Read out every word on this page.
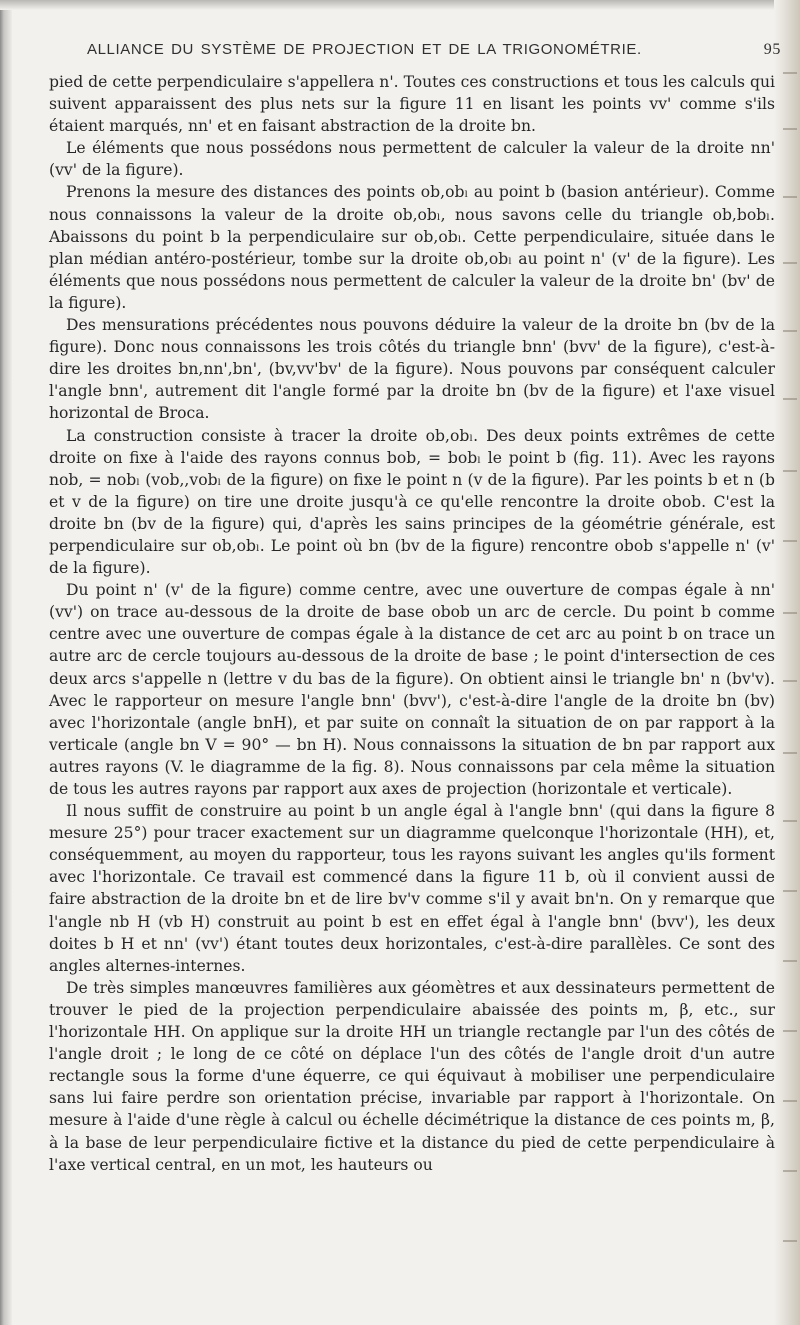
ALLIANCE DU SYSTÈME DE PROJECTION ET DE LA TRIGONOMÉTRIE.	95

pied de cette perpendiculaire s'appellera n'. Toutes ces constructions et tous les calculs qui suivent apparaissent des plus nets sur la figure 11 en lisant les points vv' comme s'ils étaient marqués, nn' et en faisant abstraction de la droite bn.

Le éléments que nous possédons nous permettent de calculer la valeur de la droite nn' (vv' de la figure).

Prenons la mesure des distances des points ob,obₗ au point b (basion antérieur). Comme nous connaissons la valeur de la droite ob,obₗ, nous savons celle du triangle ob,bobₗ. Abaissons du point b la perpendiculaire sur ob,obₗ. Cette perpendiculaire, située dans le plan médian antéro-postérieur, tombe sur la droite ob,obₗ au point n' (v' de la figure). Les éléments que nous possédons nous permettent de calculer la valeur de la droite bn' (bv' de la figure).

Des mensurations précédentes nous pouvons déduire la valeur de la droite bn (bv de la figure). Donc nous connaissons les trois côtés du triangle bnn' (bvv' de la figure), c'est-à-dire les droites bn,nn',bn', (bv,vv'bv' de la figure). Nous pouvons par conséquent calculer l'angle bnn', autrement dit l'angle formé par la droite bn (bv de la figure) et l'axe visuel horizontal de Broca.

La construction consiste à tracer la droite ob,obₗ. Des deux points extrêmes de cette droite on fixe à l'aide des rayons connus bob, = bobₗ le point b (fig. 11). Avec les rayons nob, = nobₗ (vob,,vobₗ de la figure) on fixe le point n (v de la figure). Par les points b et n (b et v de la figure) on tire une droite jusqu'à ce qu'elle rencontre la droite obob. C'est la droite bn (bv de la figure) qui, d'après les sains principes de la géométrie générale, est perpendiculaire sur ob,obₗ. Le point où bn (bv de la figure) rencontre obob s'appelle n' (v' de la figure).

Du point n' (v' de la figure) comme centre, avec une ouverture de compas égale à nn' (vv') on trace au-dessous de la droite de base obob un arc de cercle. Du point b comme centre avec une ouverture de compas égale à la distance de cet arc au point b on trace un autre arc de cercle toujours au-dessous de la droite de base ; le point d'intersection de ces deux arcs s'appelle n (lettre v du bas de la figure). On obtient ainsi le triangle bn' n (bv'v). Avec le rapporteur on mesure l'angle bnn' (bvv'), c'est-à-dire l'angle de la droite bn (bv) avec l'horizontale (angle bnH), et par suite on connaît la situation de on par rapport à la verticale (angle bn V = 90° — bn H). Nous connaissons la situation de bn par rapport aux autres rayons (V. le diagramme de la fig. 8). Nous connaissons par cela même la situation de tous les autres rayons par rapport aux axes de projection (horizontale et verticale).

Il nous suffit de construire au point b un angle égal à l'angle bnn' (qui dans la figure 8 mesure 25°) pour tracer exactement sur un diagramme quelconque l'horizontale (HH), et, conséquemment, au moyen du rapporteur, tous les rayons suivant les angles qu'ils forment avec l'horizontale. Ce travail est commencé dans la figure 11 b, où il convient aussi de faire abstraction de la droite bn et de lire bv'v comme s'il y avait bn'n. On y remarque que l'angle nb H (vb H) construit au point b est en effet égal à l'angle bnn' (bvv'), les deux doites b H et nn' (vv') étant toutes deux horizontales, c'est-à-dire parallèles. Ce sont des angles alternes-internes.

De très simples manœuvres familières aux géomètres et aux dessinateurs permettent de trouver le pied de la projection perpendiculaire abaissée des points m, β, etc., sur l'horizontale HH. On applique sur la droite HH un triangle rectangle par l'un des côtés de l'angle droit ; le long de ce côté on déplace l'un des côtés de l'angle droit d'un autre rectangle sous la forme d'une équerre, ce qui équivaut à mobiliser une perpendiculaire sans lui faire perdre son orientation précise, invariable par rapport à l'horizontale. On mesure à l'aide d'une règle à calcul ou échelle décimétrique la distance de ces points m, β, à la base de leur perpendiculaire fictive et la distance du pied de cette perpendiculaire à l'axe vertical central, en un mot, les hauteurs ou
